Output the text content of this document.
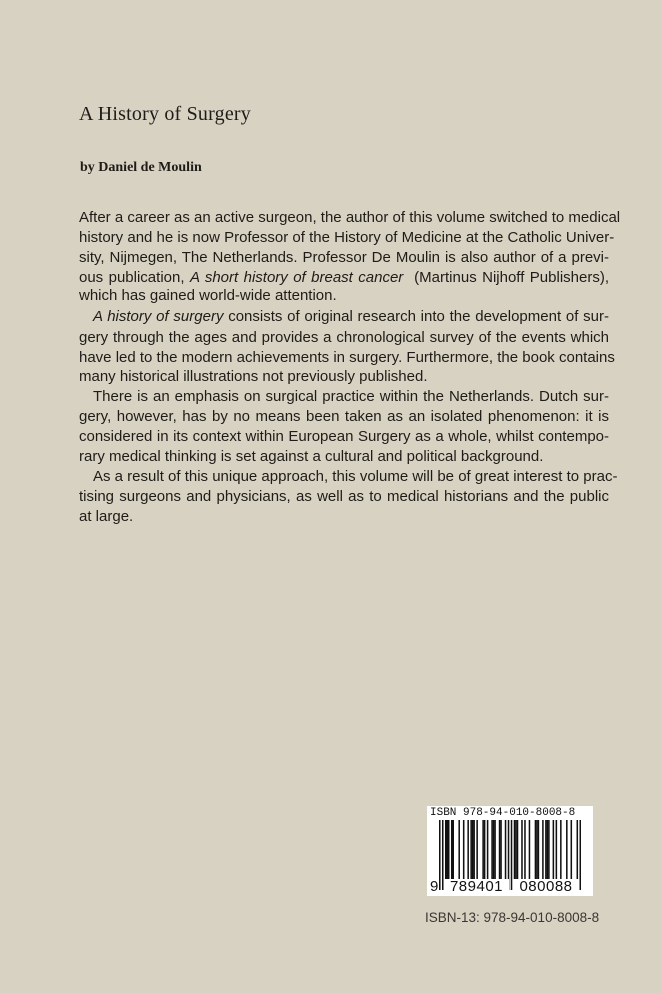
A History of Surgery
by Daniel de Moulin
After a career as an active surgeon, the author of this volume switched to medical
history and he is now Professor of the History of Medicine at the Catholic Univer-
sity, Nijmegen, The Netherlands. Professor De Moulin is also author of a previ-
ous publication, A short history of breast cancer  (Martinus Nijhoff Publishers),
which has gained world-wide attention.
A history of surgery consists of original research into the development of sur-
gery through the ages and provides a chronological survey of the events which
have led to the modern achievements in surgery. Furthermore, the book contains
many historical illustrations not previously published.
There is an emphasis on surgical practice within the Netherlands. Dutch sur-
gery, however, has by no means been taken as an isolated phenomenon: it is
considered in its context within European Surgery as a whole, whilst contempo-
rary medical thinking is set against a cultural and political background.
As a result of this unique approach, this volume will be of great interest to prac-
tising surgeons and physicians, as well as to medical historians and the public
at large.
ISBN 978-94-010-8008-8
9 789401	080088
ISBN-13: 978-94-010-8008-8
